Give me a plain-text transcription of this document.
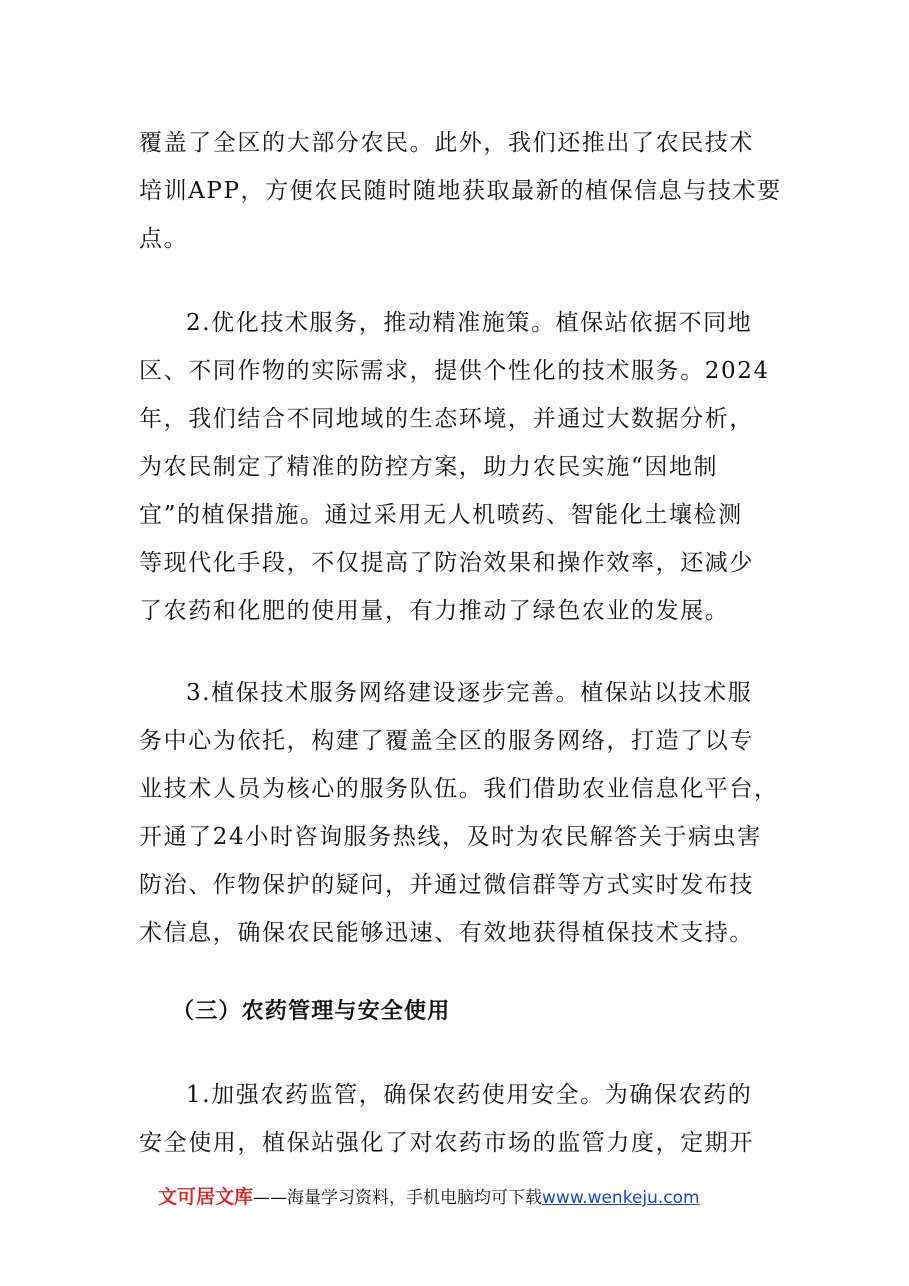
覆盖了全区的大部分农民。此外，我们还推出了农民技术
培训APP，方便农民随时随地获取最新的植保信息与技术要
点。
2.优化技术服务，推动精准施策。植保站依据不同地
区、不同作物的实际需求，提供个性化的技术服务。2024
年，我们结合不同地域的生态环境，并通过大数据分析，
为农民制定了精准的防控方案，助力农民实施“因地制
宜”的植保措施。通过采用无人机喷药、智能化土壤检测
等现代化手段，不仅提高了防治效果和操作效率，还减少
了农药和化肥的使用量，有力推动了绿色农业的发展。
3.植保技术服务网络建设逐步完善。植保站以技术服
务中心为依托，构建了覆盖全区的服务网络，打造了以专
业技术人员为核心的服务队伍。我们借助农业信息化平台，
开通了24小时咨询服务热线，及时为农民解答关于病虫害
防治、作物保护的疑问，并通过微信群等方式实时发布技
术信息，确保农民能够迅速、有效地获得植保技术支持。
（三）农药管理与安全使用
1.加强农药监管，确保农药使用安全。为确保农药的
安全使用，植保站强化了对农药市场的监管力度，定期开
文可居文库——海量学习资料，手机电脑均可下载www.wenkeju.com
